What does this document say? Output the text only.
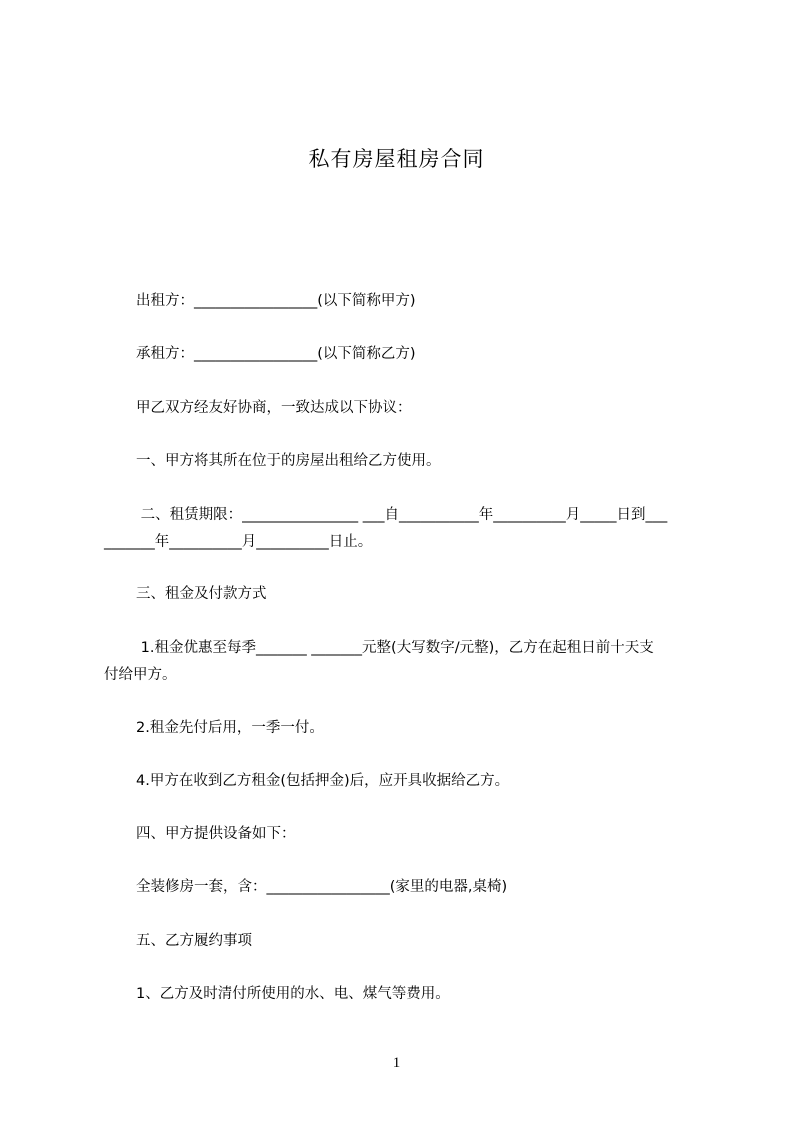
私有房屋租房合同
出租方：_________________(以下简称甲方)
承租方：_________________(以下简称乙方)
甲乙双方经友好协商，一致达成以下协议：
一、甲方将其所在位于的房屋出租给乙方使用。
二、租赁期限：________________ ___自___________年__________月_____日到___
_______年__________月__________日止。
三、租金及付款方式
1.租金优惠至每季_______ _______元整(大写数字/元整)，乙方在起租日前十天支
付给甲方。
2.租金先付后用，一季一付。
4.甲方在收到乙方租金(包括押金)后，应开具收据给乙方。
四、甲方提供设备如下：
全装修房一套，含：_________________(家里的电器,桌椅)
五、乙方履约事项
1、乙方及时清付所使用的水、电、煤气等费用。
1
